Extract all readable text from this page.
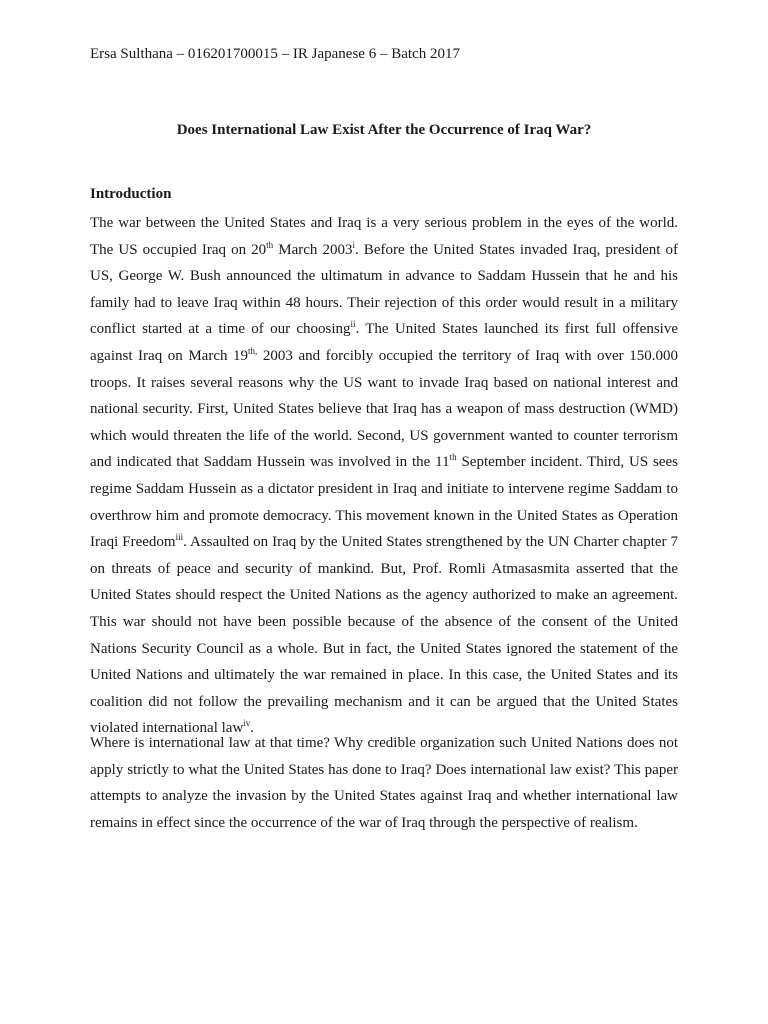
Ersa Sulthana – 016201700015 – IR Japanese 6 – Batch 2017
Does International Law Exist After the Occurrence of Iraq War?
Introduction

The war between the United States and Iraq is a very serious problem in the eyes of the world. The US occupied Iraq on 20th March 2003$^i$. Before the United States invaded Iraq, president of US, George W. Bush announced the ultimatum in advance to Saddam Hussein that he and his family had to leave Iraq within 48 hours. Their rejection of this order would result in a military conflict started at a time of our choosing$^{ii}$. The United States launched its first full offensive against Iraq on March $19^{th,}$ 2003 and forcibly occupied the territory of Iraq with over 150.000 troops. It raises several reasons why the US want to invade Iraq based on national interest and national security. First, United States believe that Iraq has a weapon of mass destruction (WMD) which would threaten the life of the world. Second, US government wanted to counter terrorism and indicated that Saddam Hussein was involved in the 11th September incident. Third, US sees regime Saddam Hussein as a dictator president in Iraq and initiate to intervene regime Saddam to overthrow him and promote democracy. This movement known in the United States as Operation Iraqi Freedom$^{iii}$. Assaulted on Iraq by the United States strengthened by the UN Charter chapter 7 on threats of peace and security of mankind. But, Prof. Romli Atmasasmita asserted that the United States should respect the United Nations as the agency authorized to make an agreement. This war should not have been possible because of the absence of the consent of the United Nations Security Council as a whole. But in fact, the United States ignored the statement of the United Nations and ultimately the war remained in place. In this case, the United States and its coalition did not follow the prevailing mechanism and it can be argued that the United States violated international law$^{iv}$.

Where is international law at that time? Why credible organization such United Nations does not apply strictly to what the United States has done to Iraq? Does international law exist? This paper attempts to analyze the invasion by the United States against Iraq and whether international law remains in effect since the occurrence of the war of Iraq through the perspective of realism.
